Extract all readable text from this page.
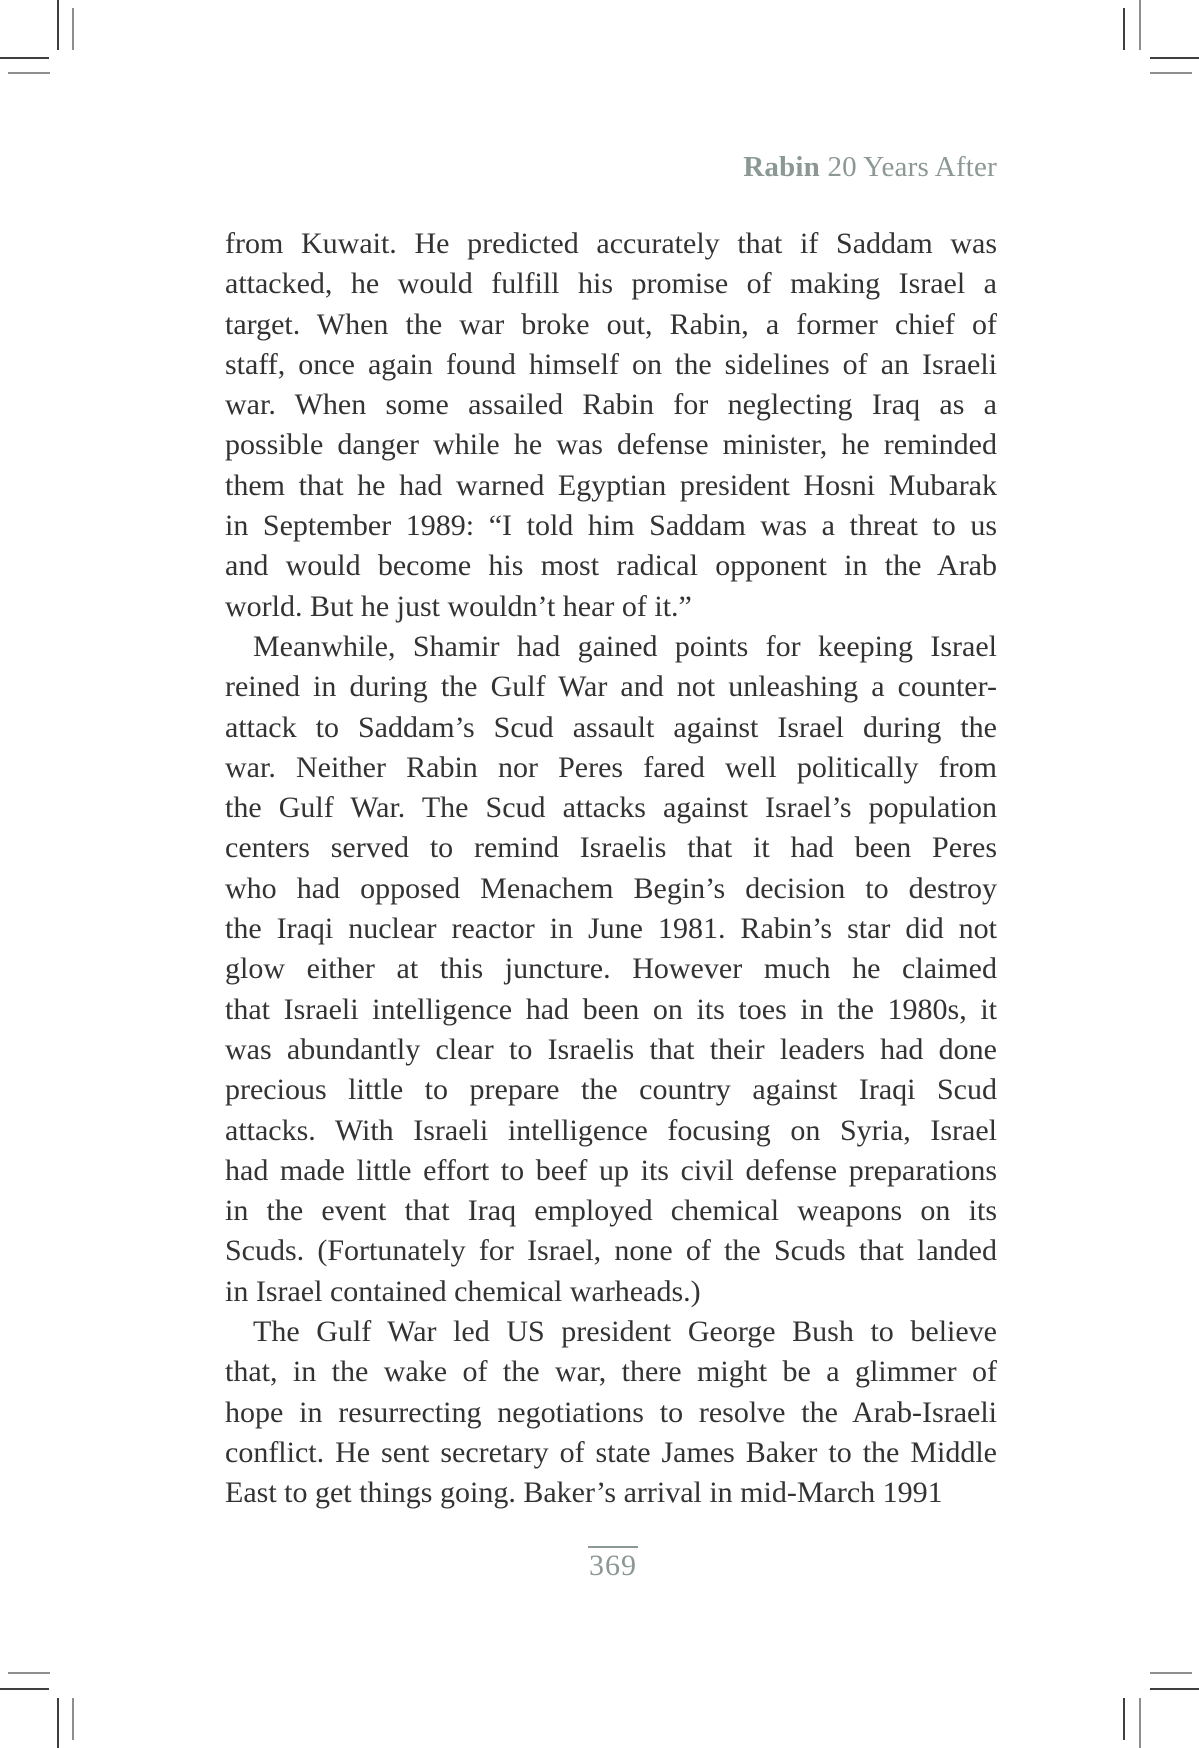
Rabin 20 Years After
from Kuwait. He predicted accurately that if Saddam was
attacked, he would fulfill his promise of making Israel a
target. When the war broke out, Rabin, a former chief of
staff, once again found himself on the sidelines of an Israeli
war. When some assailed Rabin for neglecting Iraq as a
possible danger while he was defense minister, he reminded
them that he had warned Egyptian president Hosni Mubarak
in September 1989: “I told him Saddam was a threat to us
and would become his most radical opponent in the Arab
world. But he just wouldn’t hear of it.”
Meanwhile, Shamir had gained points for keeping Israel
reined in during the Gulf War and not unleashing a counter-
attack to Saddam’s Scud assault against Israel during the
war. Neither Rabin nor Peres fared well politically from
the Gulf War. The Scud attacks against Israel’s population
centers served to remind Israelis that it had been Peres
who had opposed Menachem Begin’s decision to destroy
the Iraqi nuclear reactor in June 1981. Rabin’s star did not
glow either at this juncture. However much he claimed
that Israeli intelligence had been on its toes in the 1980s, it
was abundantly clear to Israelis that their leaders had done
precious little to prepare the country against Iraqi Scud
attacks. With Israeli intelligence focusing on Syria, Israel
had made little effort to beef up its civil defense preparations
in the event that Iraq employed chemical weapons on its
Scuds. (Fortunately for Israel, none of the Scuds that landed
in Israel contained chemical warheads.)
The Gulf War led US president George Bush to believe
that, in the wake of the war, there might be a glimmer of
hope in resurrecting negotiations to resolve the Arab-Israeli
conflict. He sent secretary of state James Baker to the Middle
East to get things going. Baker’s arrival in mid-March 1991
369
